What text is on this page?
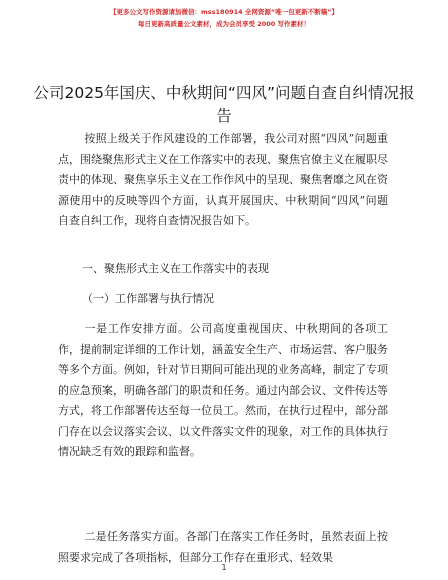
【更多公文写作资源请加微信：mss180914 全网资源“唯一包更新不断稿”】
每日更新高质量公文素材，成为会员享受 2000 写作素材！
公司2025年国庆、中秋期间“四风”问题自查自纠情况报告

按照上级关于作风建设的工作部署，我公司对照“四风”问题重点，围绕聚焦形式主义在工作落实中的表现、聚焦官僚主义在履职尽责中的体现、聚焦享乐主义在工作作风中的呈现、聚焦奢靡之风在资源使用中的反映等四个方面，认真开展国庆、中秋期间“四风”问题自查自纠工作，现将自查情况报告如下。

一、聚焦形式主义在工作落实中的表现

（一）工作部署与执行情况

一是工作安排方面。公司高度重视国庆、中秋期间的各项工作，提前制定详细的工作计划，涵盖安全生产、市场运营、客户服务等多个方面。例如，针对节日期间可能出现的业务高峰，制定了专项的应急预案，明确各部门的职责和任务。通过内部会议、文件传达等方式，将工作部署传达至每一位员工。然而，在执行过程中，部分部门存在以会议落实会议、以文件落实文件的现象，对工作的具体执行情况缺乏有效的跟踪和监督。

二是任务落实方面。各部门在落实工作任务时，虽然表面上按照要求完成了各项指标，但部分工作存在重形式、轻效果

1
